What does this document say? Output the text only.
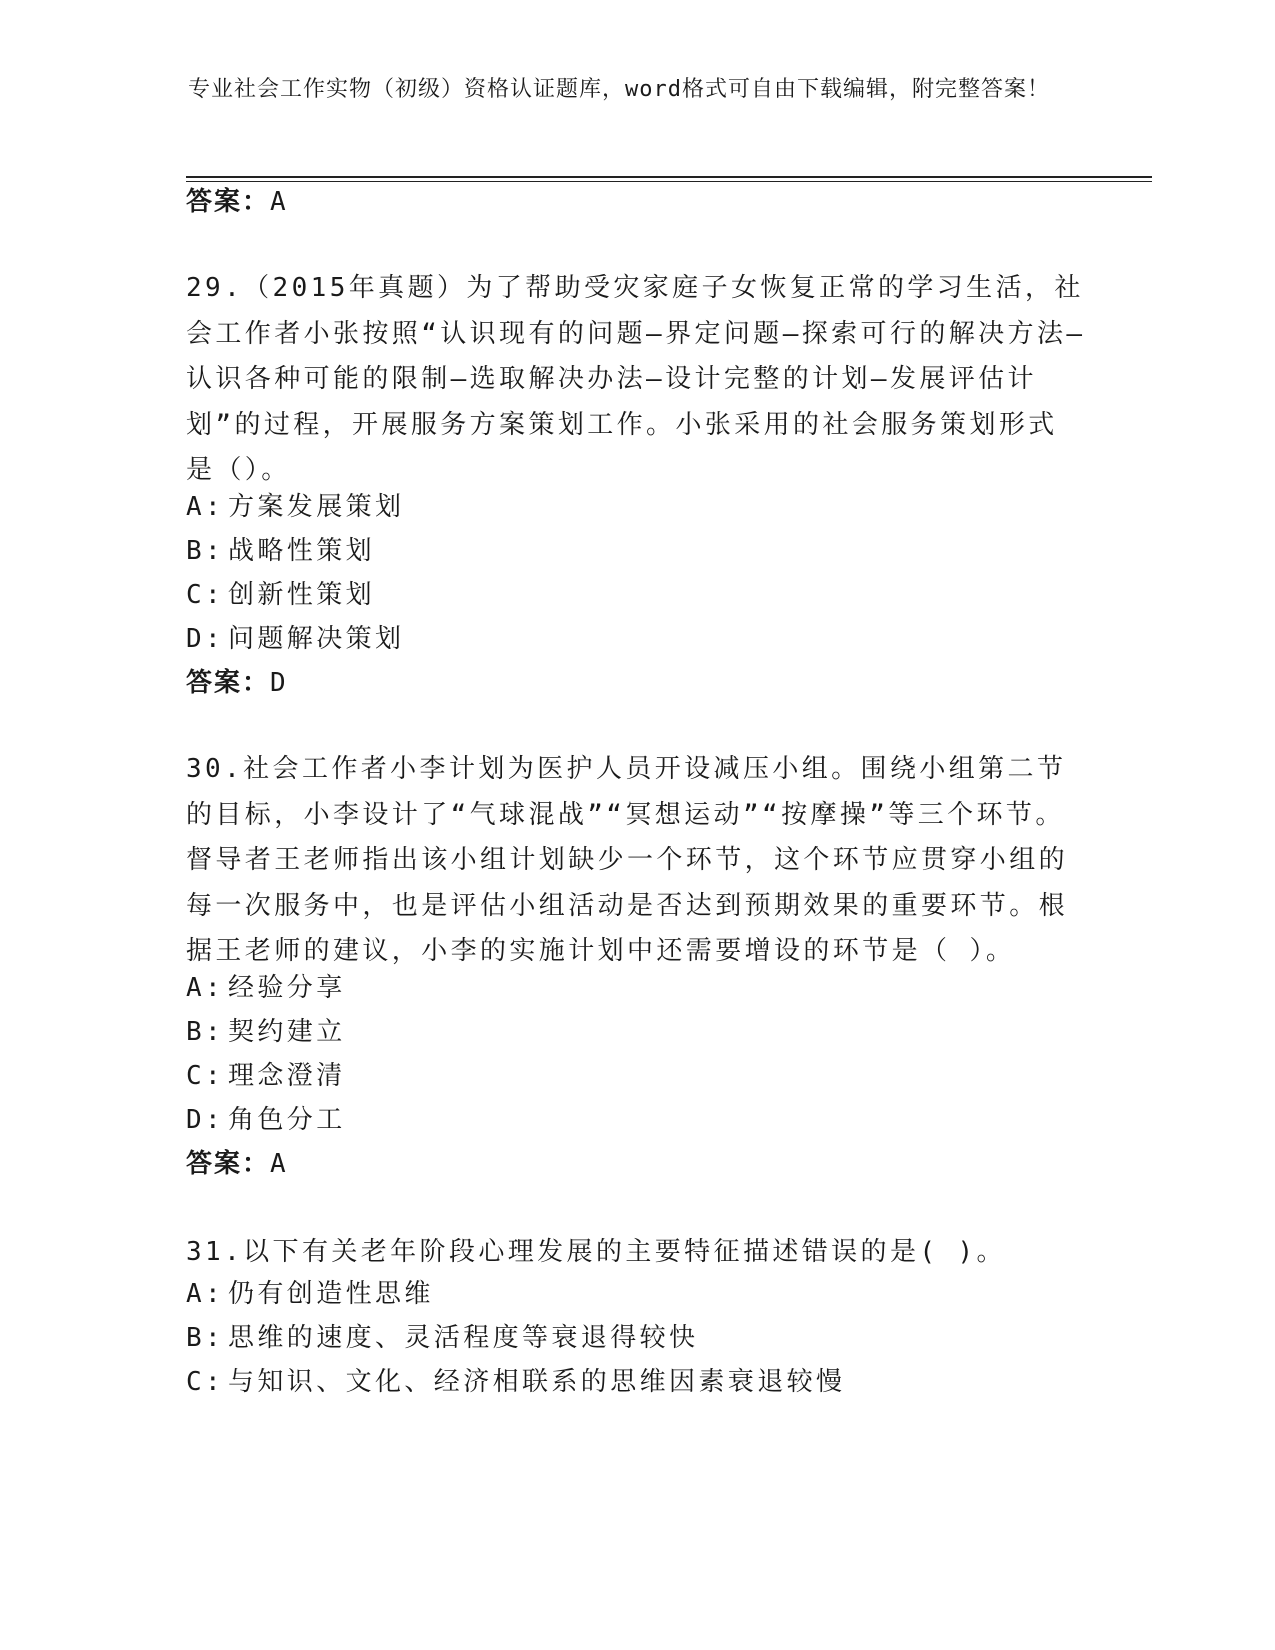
专业社会工作实物（初级）资格认证题库，word格式可自由下载编辑，附完整答案！
答案：A
29.（2015年真题）为了帮助受灾家庭子女恢复正常的学习生活，社会工作者小张按照“认识现有的问题—界定问题—探索可行的解决方法—认识各种可能的限制—选取解决办法—设计完整的计划—发展评估计划”的过程，开展服务方案策划工作。小张采用的社会服务策划形式是（）。
A: 方案发展策划
B: 战略性策划
C: 创新性策划
D: 问题解决策划
答案：D
30.社会工作者小李计划为医护人员开设减压小组。围绕小组第二节的目标，小李设计了“气球混战”“冥想运动”“按摩操”等三个环节。督导者王老师指出该小组计划缺少一个环节，这个环节应贯穿小组的每一次服务中，也是评估小组活动是否达到预期效果的重要环节。根据王老师的建议，小李的实施计划中还需要增设的环节是（ ）。
A: 经验分享
B: 契约建立
C: 理念澄清
D: 角色分工
答案：A
31.以下有关老年阶段心理发展的主要特征描述错误的是( )。
A: 仍有创造性思维
B: 思维的速度、灵活程度等衰退得较快
C: 与知识、文化、经济相联系的思维因素衰退较慢
